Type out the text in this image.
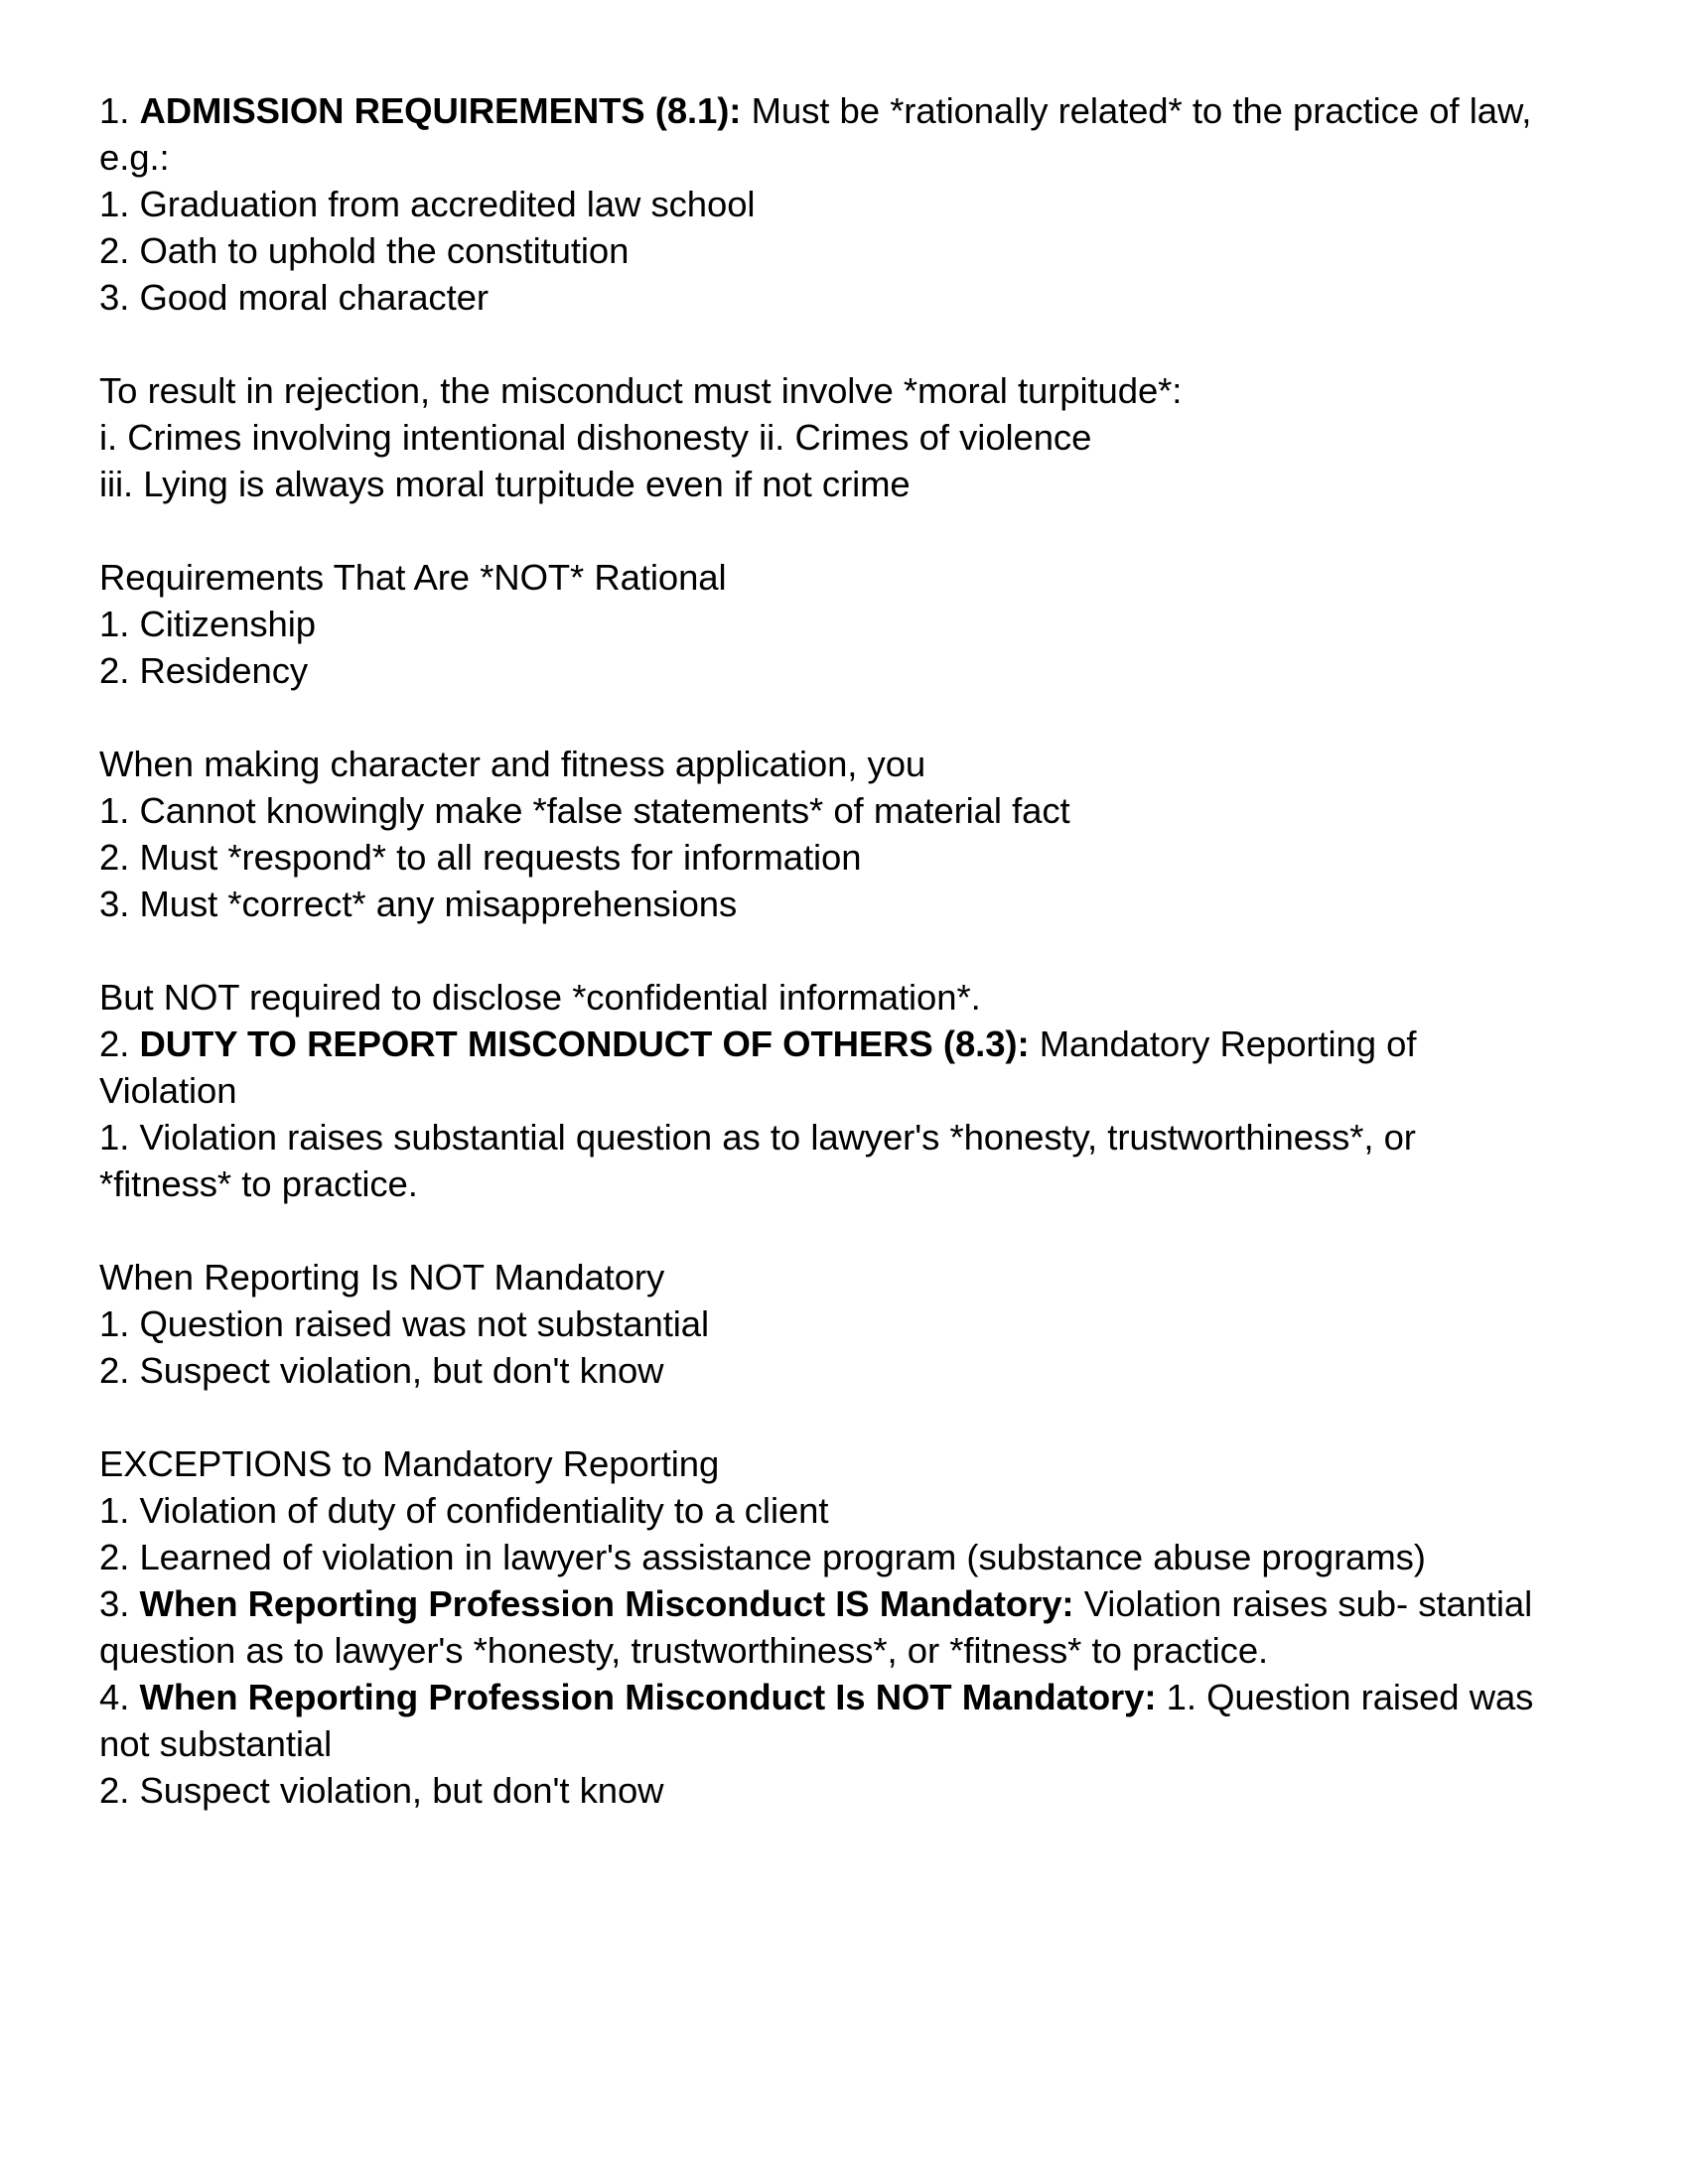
1. ADMISSION REQUIREMENTS (8.1): Must be *rationally related* to the practice of law, e.g.:
1. Graduation from accredited law school
2. Oath to uphold the constitution
3. Good moral character
To result in rejection, the misconduct must involve *moral turpitude*:
i. Crimes involving intentional dishonesty ii. Crimes of violence
iii. Lying is always moral turpitude even if not crime
Requirements That Are *NOT* Rational
1. Citizenship
2. Residency
When making character and fitness application, you
1. Cannot knowingly make *false statements* of material fact
2. Must *respond* to all requests for information
3. Must *correct* any misapprehensions
But NOT required to disclose *confidential information*.
2. DUTY TO REPORT MISCONDUCT OF OTHERS (8.3): Mandatory Reporting of
Violation
1. Violation raises substantial question as to lawyer's *honesty, trustworthiness*, or
*fitness* to practice.
When Reporting Is NOT Mandatory
1. Question raised was not substantial
2. Suspect violation, but don't know
EXCEPTIONS to Mandatory Reporting
1. Violation of duty of confidentiality to a client
2. Learned of violation in lawyer's assistance program (substance abuse programs)
3. When Reporting Profession Misconduct IS Mandatory: Violation raises sub- stantial question as to lawyer's *honesty, trustworthiness*, or *fitness* to practice.
4. When Reporting Profession Misconduct Is NOT Mandatory: 1. Question raised was not substantial
2. Suspect violation, but don't know
